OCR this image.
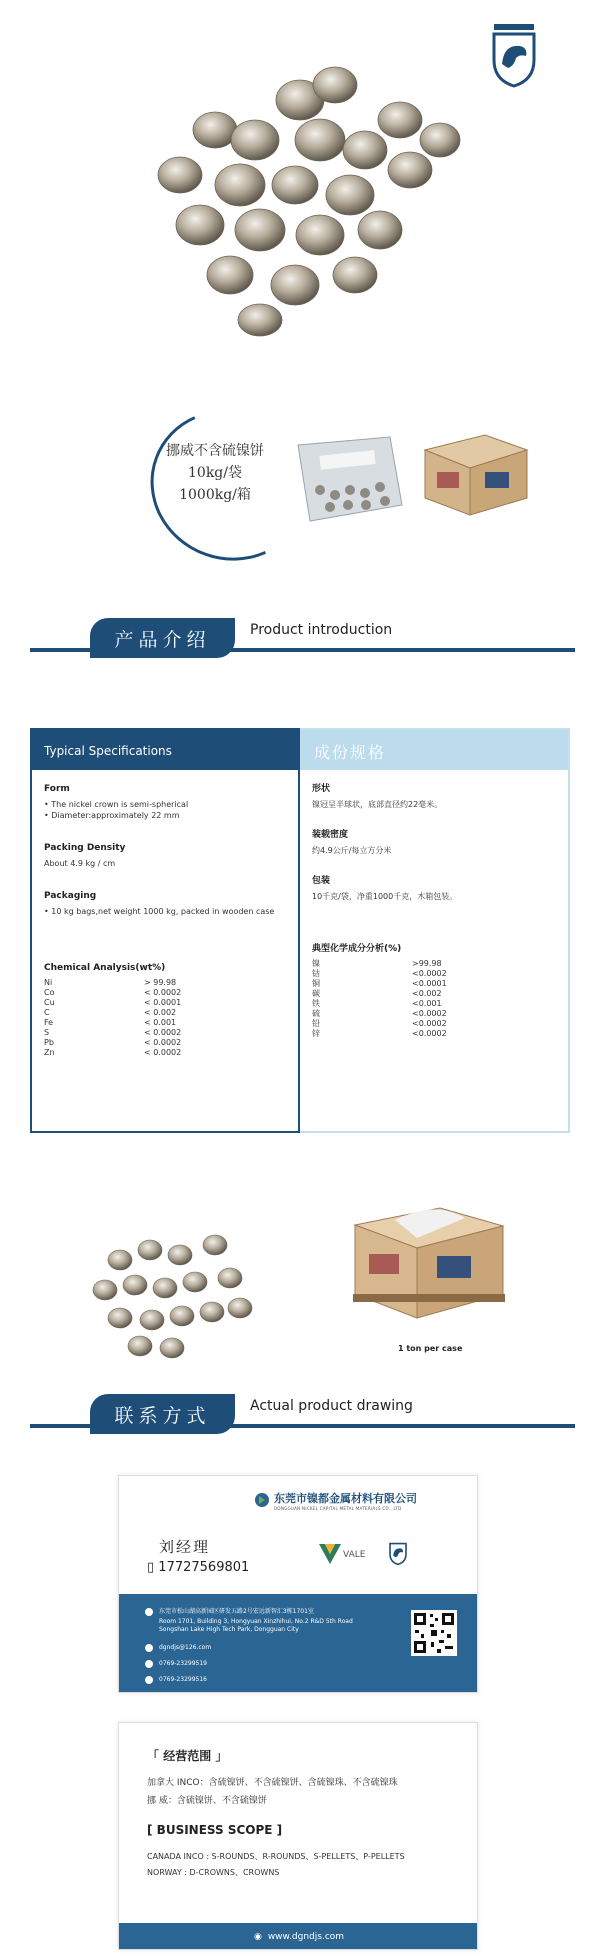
挪威不含硫镍饼
10kg/袋
1000kg/箱
产品介绍	Product introduction
Typical Specifications
Form
• The nickel crown is semi-spherical
• Diameter:approximately 22 mm
Packing Density
About 4.9 kg / cm
Packaging
• 10 kg bags,net weight 1000 kg, packed in wooden case
Chemical Analysis(wt%)
Ni	> 99.98
Co	< 0.0002
Cu	< 0.0001
C	< 0.002
Fe	< 0.001
S	< 0.0002
Pb	< 0.0002
Zn	< 0.0002
成份规格
形状
镍冠呈半球状，底部直径约22毫米。
装载密度
约4.9公斤/每立方分米
包装
10千克/袋，净重1000千克，木箱包装。
典型化学成分分析(%)
镍	>99.98
钴	<0.0002
铜	<0.0001
碳	<0.002
铁	<0.001
硫	<0.0002
铅	<0.0002
锌	<0.0002
1 ton per case
联系方式	Actual product drawing
东莞市镍都金属材料有限公司
DONGGUAN NICKEL CAPITAL METAL MATERIALS CO., LTD
刘经理
▯ 17727569801
VALE
东莞市松山湖高新园区研发五路2号宏远新智汇3栋1701室
Room 1701, Building 3, Hongyuan Xinzhihui, No.2 R&D 5th Road
Songshan Lake High Tech Park, Dongguan City
dgndjs@126.com
0769-23299519
0769-23299516
「 经营范围 」
加拿大 INCO：含硫镍饼、不含硫镍饼、含硫镍珠、不含硫镍珠
挪 威：含硫镍饼、不含硫镍饼
[ BUSINESS SCOPE ]
CANADA INCO : S-ROUNDS、R-ROUNDS、S-PELLETS、P-PELLETS
NORWAY : D-CROWNS、CROWNS
◉ www.dgndjs.com
